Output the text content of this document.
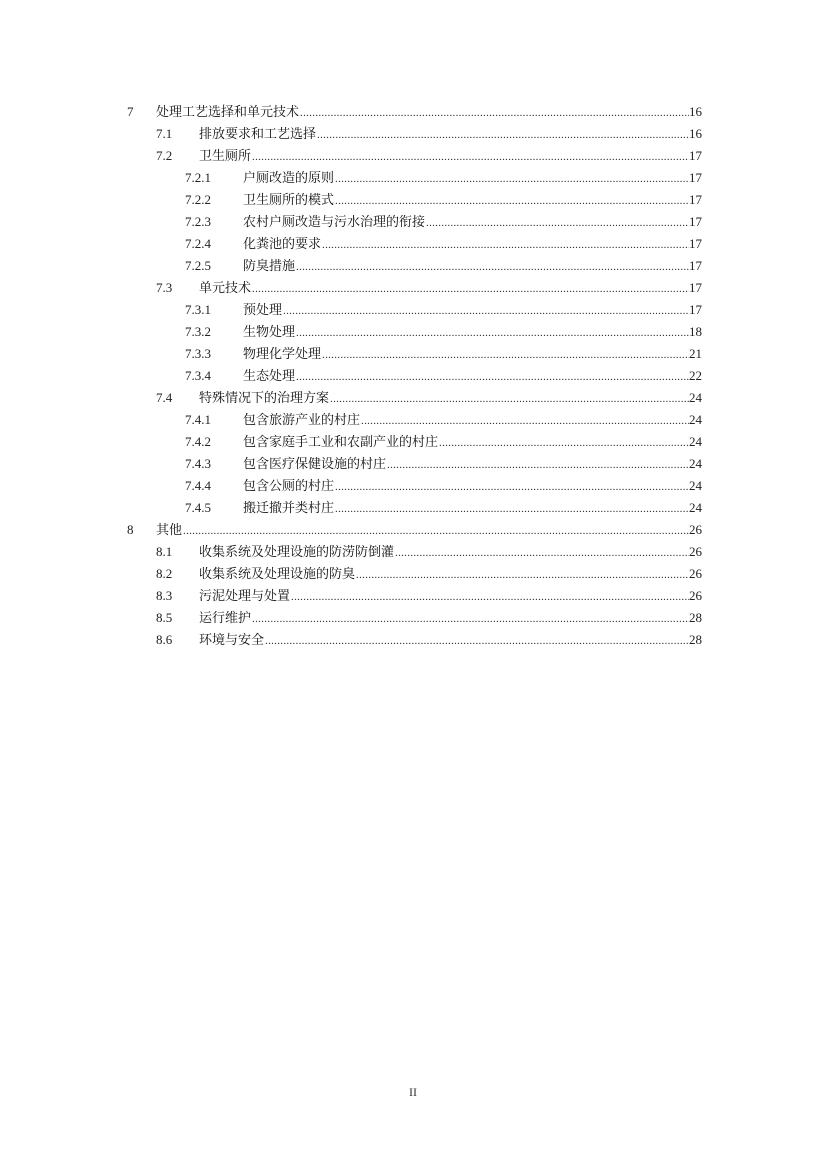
7 处理工艺选择和单元技术 .....	16
7.1 排放要求和工艺选择 .....	16
7.2 卫生厕所 .....	17
7.2.1 户厕改造的原则 .....	17
7.2.2 卫生厕所的模式 .....	17
7.2.3 农村户厕改造与污水治理的衔接 .....	17
7.2.4 化粪池的要求 .....	17
7.2.5 防臭措施 .....	17
7.3 单元技术 .....	17
7.3.1 预处理 .....	17
7.3.2 生物处理 .....	18
7.3.3 物理化学处理 .....	21
7.3.4 生态处理 .....	22
7.4 特殊情况下的治理方案 .....	24
7.4.1 包含旅游产业的村庄 .....	24
7.4.2 包含家庭手工业和农副产业的村庄 .....	24
7.4.3 包含医疗保健设施的村庄 .....	24
7.4.4 包含公厕的村庄 .....	24
7.4.5 搬迁撤并类村庄 .....	24
8 其他 .....	26
8.1 收集系统及处理设施的防涝防倒灌 .....	26
8.2 收集系统及处理设施的防臭 .....	26
8.3 污泥处理与处置 .....	26
8.5 运行维护 .....	28
8.6 环境与安全 .....	28
II
